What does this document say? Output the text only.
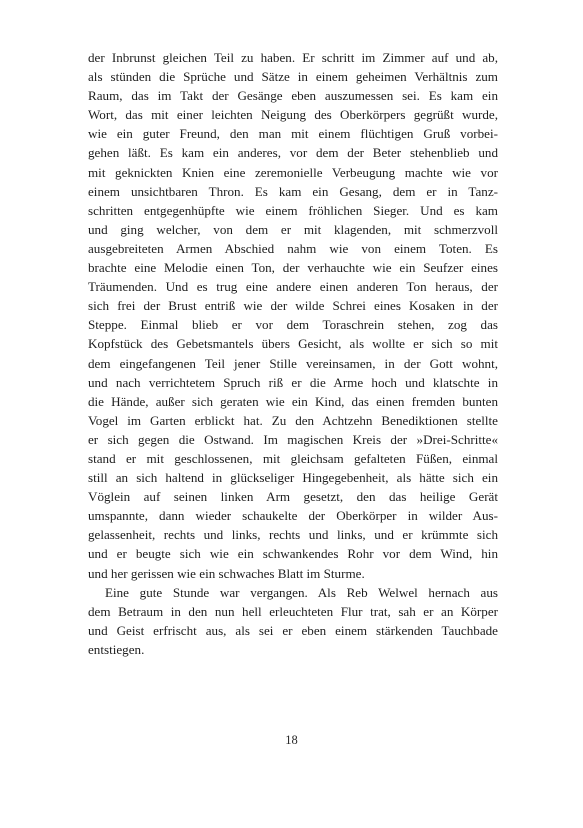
der Inbrunst gleichen Teil zu haben. Er schritt im Zimmer auf und ab,
als stünden die Sprüche und Sätze in einem geheimen Verhältnis zum
Raum, das im Takt der Gesänge eben auszumessen sei. Es kam ein
Wort, das mit einer leichten Neigung des Oberkörpers gegrüßt wurde,
wie ein guter Freund, den man mit einem flüchtigen Gruß vorbei-
gehen läßt. Es kam ein anderes, vor dem der Beter stehenblieb und
mit geknickten Knien eine zeremonielle Verbeugung machte wie vor
einem unsichtbaren Thron. Es kam ein Gesang, dem er in Tanz-
schritten entgegenhüpfte wie einem fröhlichen Sieger. Und es kam
und ging welcher, von dem er mit klagenden, mit schmerzvoll
ausgebreiteten Armen Abschied nahm wie von einem Toten. Es
brachte eine Melodie einen Ton, der verhauchte wie ein Seufzer eines
Träumenden. Und es trug eine andere einen anderen Ton heraus, der
sich frei der Brust entriß wie der wilde Schrei eines Kosaken in der
Steppe. Einmal blieb er vor dem Toraschrein stehen, zog das
Kopfstück des Gebetsmantels übers Gesicht, als wollte er sich so mit
dem eingefangenen Teil jener Stille vereinsamen, in der Gott wohnt,
und nach verrichtetem Spruch riß er die Arme hoch und klatschte in
die Hände, außer sich geraten wie ein Kind, das einen fremden bunten
Vogel im Garten erblickt hat. Zu den Achtzehn Benediktionen stellte
er sich gegen die Ostwand. Im magischen Kreis der »Drei-Schritte«
stand er mit geschlossenen, mit gleichsam gefalteten Füßen, einmal
still an sich haltend in glückseliger Hingegebenheit, als hätte sich ein
Vöglein auf seinen linken Arm gesetzt, den das heilige Gerät
umspannte, dann wieder schaukelte der Oberkörper in wilder Aus-
gelassenheit, rechts und links, rechts und links, und er krümmte sich
und er beugte sich wie ein schwankendes Rohr vor dem Wind, hin
und her gerissen wie ein schwaches Blatt im Sturme.
Eine gute Stunde war vergangen. Als Reb Welwel hernach aus
dem Betraum in den nun hell erleuchteten Flur trat, sah er an Körper
und Geist erfrischt aus, als sei er eben einem stärkenden Tauchbade
entstiegen.
18
